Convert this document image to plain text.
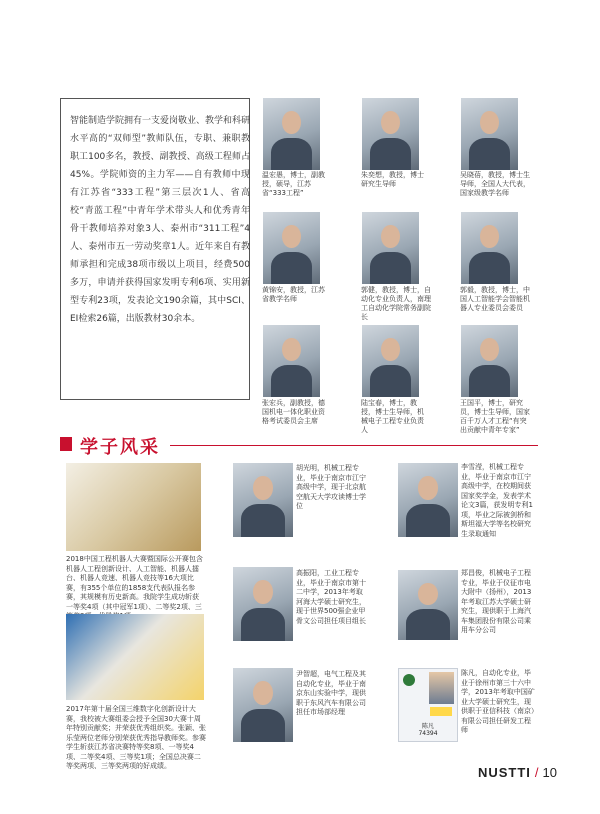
智能制造学院拥有一支爱岗敬业、教学和科研水平高的“双师型”教师队伍，专职、兼职教职工100多名，教授、副教授、高级工程师占45%。学院师资的主力军——自有教师中现有江苏省“333工程”第三层次1人、省高校“青蓝工程”中青年学术带头人和优秀青年骨干教师培养对象3人、泰州市“311工程”4人、泰州市五一劳动奖章1人。近年来自有教师承担和完成38项市级以上项目，经费500多万，申请并获得国家发明专利6项、实用新型专利23项，发表论文190余篇，其中SCI、EI检索26篇，出版教材30余本。
温宏愚，博士，副教授，硕导，江苏省“333工程”
朱奕想，教授，博士研究生导师
吴晓蓓，教授，博士生导师，全国人大代表，国家级教学名师
黄锦安，教授，江苏省教学名师
郭健，教授，博士，自动化专业负责人，南理工自动化学院常务副院长
郭毅，教授，博士，中国人工智能学会智能机器人专业委员会委员
张宏兵，副教授，德国机电一体化职业资格考试委员会主席
陆宝春，博士，教授，博士生导师，机械电子工程专业负责人
王国平，博士，研究员，博士生导师，国家百千万人才工程“有突出贡献中青年专家”
学子风采
2018中国工程机器人大赛暨国际公开赛包含机器人工程创新设计、人工智能、机器人擂台、机器人竞速、机器人竞技等16大项比赛，有355个单位的1858支代表队报名参赛，其规模有历史新高。我院学生成功斩获一等奖4项（其中冠军1项）、二等奖2项、三
2017年第十届全国三维数字化创新设计大赛，我校被大赛组委会授予全国30大赛十周年特别贡献奖；并荣获优秀组织奖。张颖、张乐莹两位老师分别荣获优秀指导教师奖。参赛学生斩获江苏省决赛特等奖8项、一等奖4项、二等奖4项、三等奖1项；全国总决赛二等奖两项、三等奖两项的好成绩。
胡光明，机械工程专业，毕业于南京市江宁高级中学，现于北京航空航天大学攻读博士学位
李雪滢，机械工程专业，毕业于南京市江宁高级中学，在校期间获国家奖学金，发表学术论文3篇，获发明专利1项，毕业之际被剑桥和斯坦福大学等名校研究生录取通知
高振阳，工业工程专业，毕业于南京市第十二中学，2013年考取河海大学硕士研究生，现于世界500强企业甲骨文公司担任项目组长
郑昌俊，机械电子工程专业，毕业于仪征市电大附中（扬州），2013年考取江苏大学硕士研究生，现供职于上海汽车集团股份有限公司乘用车分公司
尹智超，电气工程及其自动化专业，毕业于南京东山实验中学，现供职于东风汽车有限公司担任市场部经理
陈凡
74394
陈凡，自动化专业，毕业于徐州市第三十六中学，2013年考取中国矿业大学硕士研究生，现供职于亚信科技（南京）有限公司担任研发工程师
NUSTTI / 10
